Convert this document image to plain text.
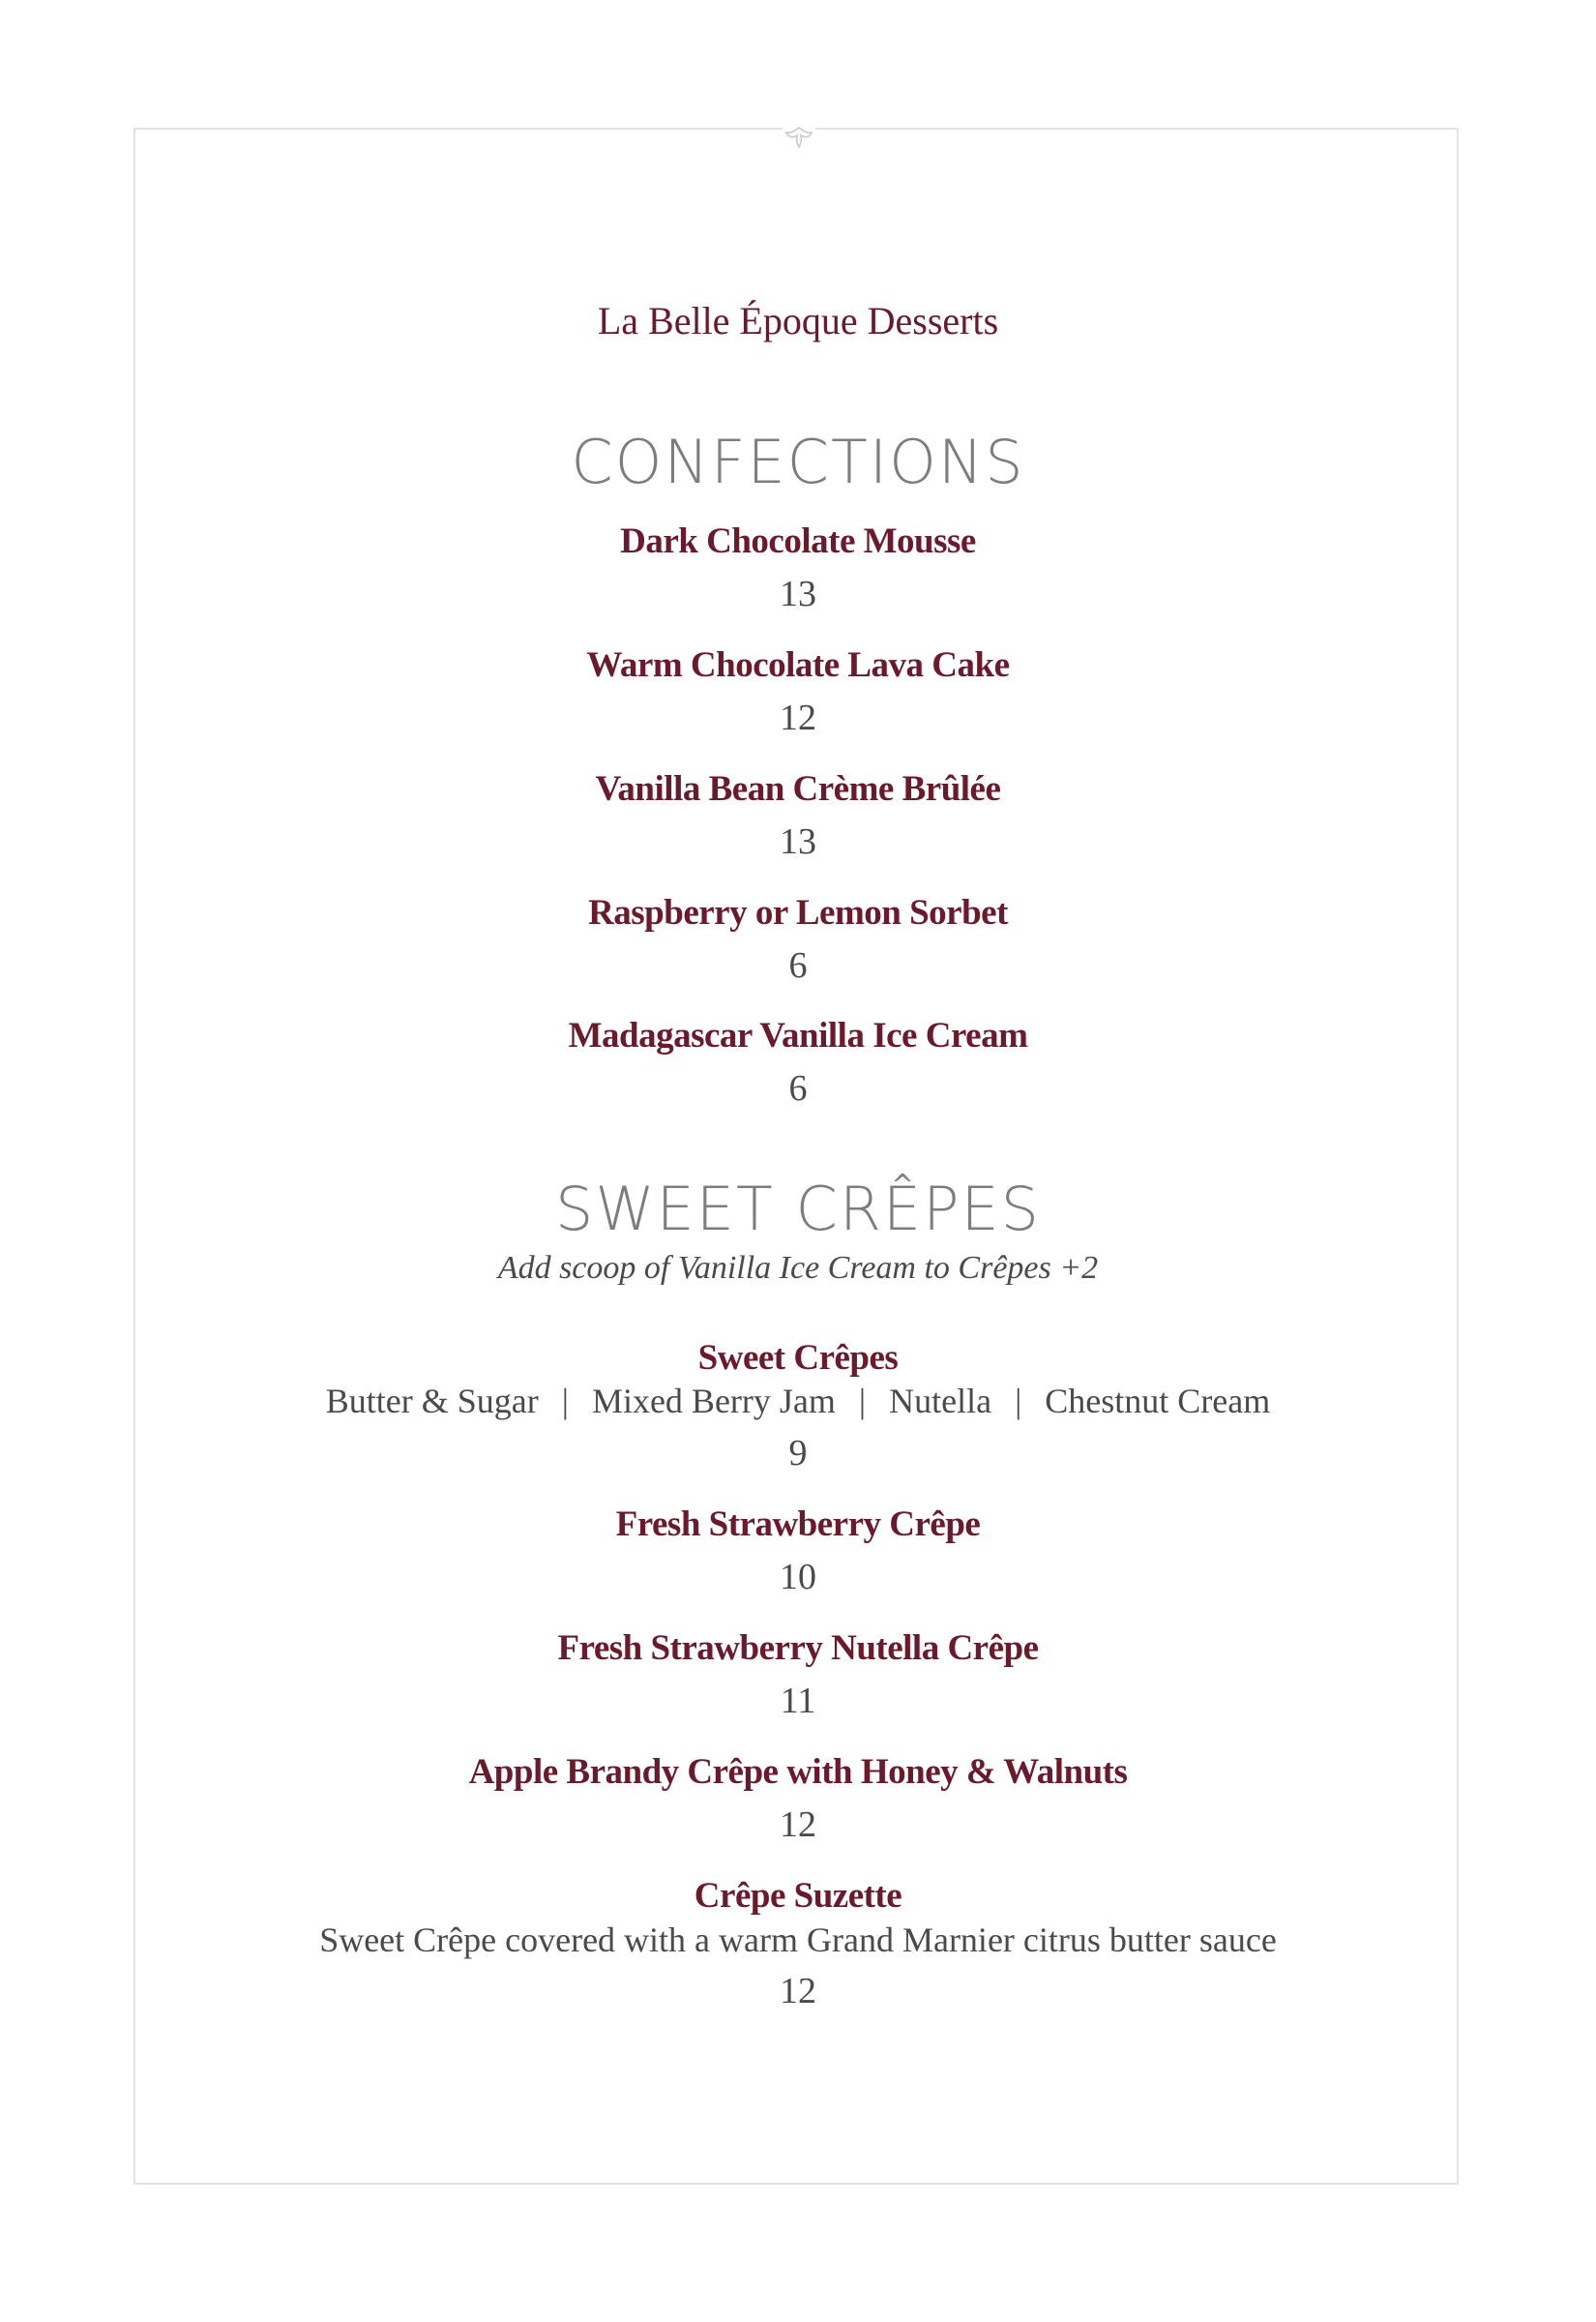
La Belle Époque Desserts
CONFECTIONS
Dark Chocolate Mousse
13
Warm Chocolate Lava Cake
12
Vanilla Bean Crème Brûlée
13
Raspberry or Lemon Sorbet
6
Madagascar Vanilla Ice Cream
6
SWEET CRÊPES
Add scoop of Vanilla Ice Cream to Crêpes +2
Sweet Crêpes
Butter & Sugar | Mixed Berry Jam | Nutella | Chestnut Cream
9
Fresh Strawberry Crêpe
10
Fresh Strawberry Nutella Crêpe
11
Apple Brandy Crêpe with Honey & Walnuts
12
Crêpe Suzette
Sweet Crêpe covered with a warm Grand Marnier citrus butter sauce
12
